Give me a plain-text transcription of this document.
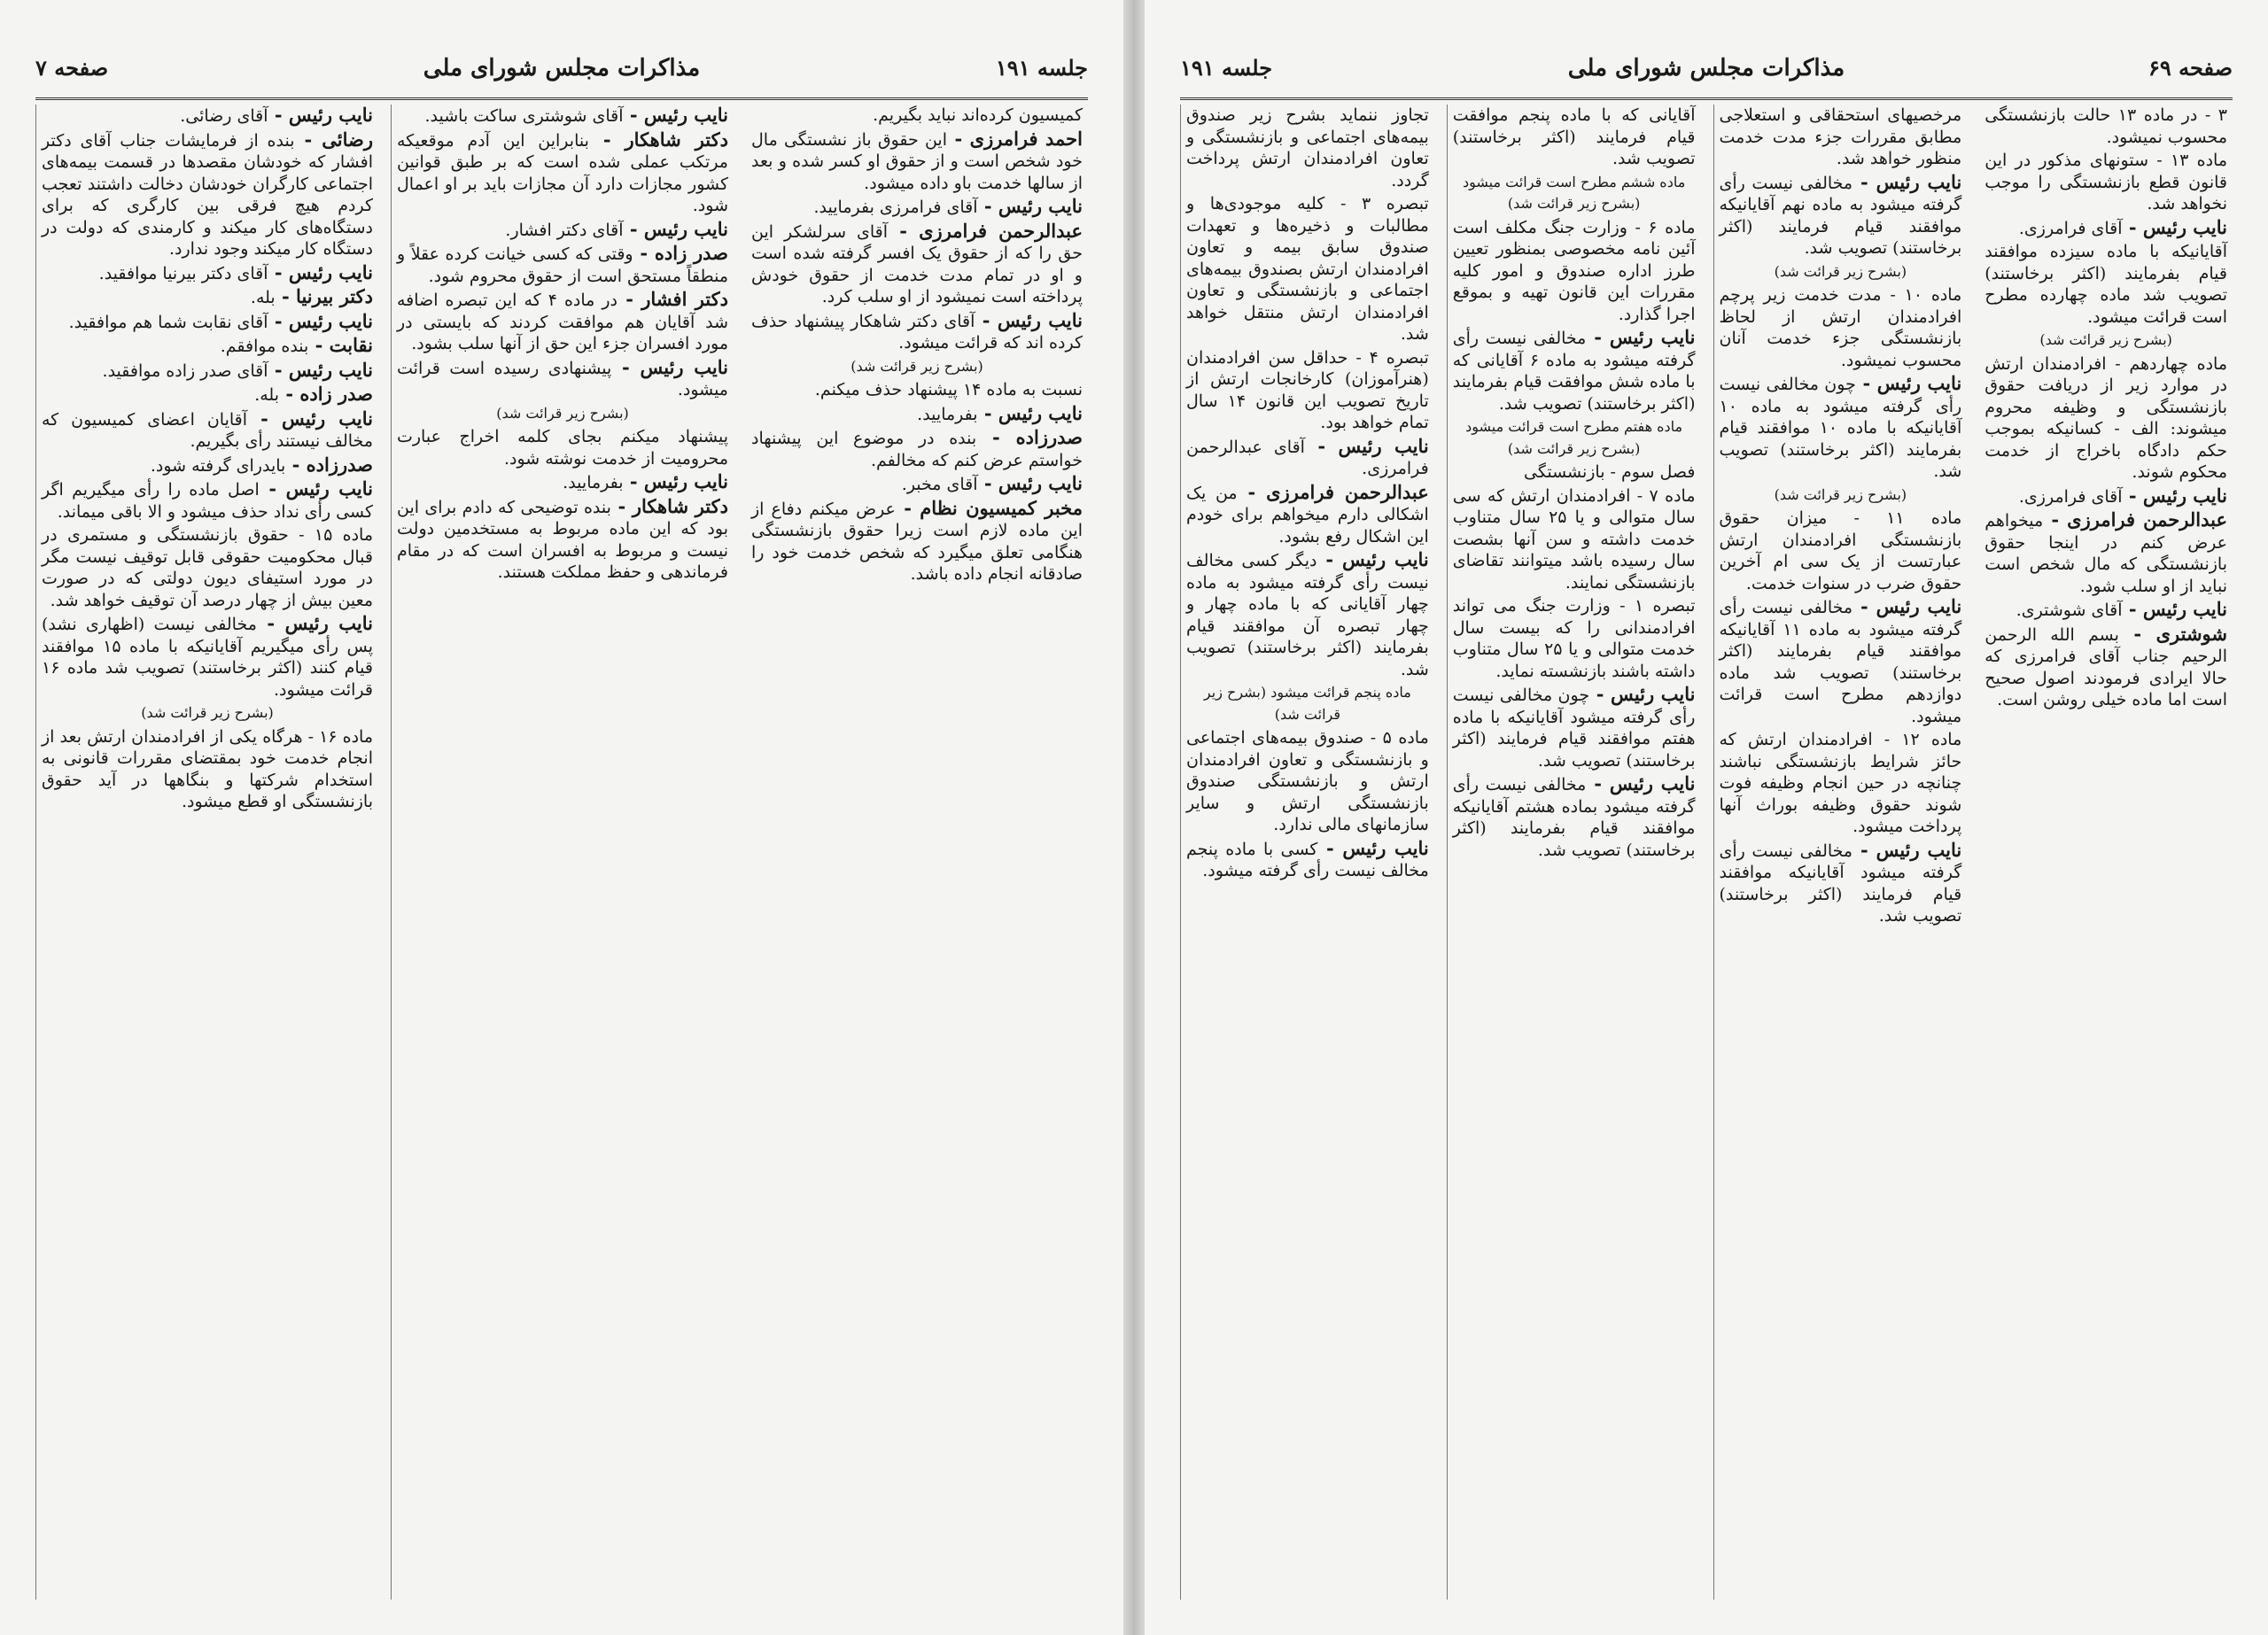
صفحه ۷	مذاکرات مجلس شورای ملی	جلسه ۱۹۱

نایب رئیس - آقای رضائی.

رضائی - بنده از فرمایشات جناب آقای دکتر افشار که خودشان مقصدها در قسمت بیمه‌های اجتماعی کارگران خودشان دخالت داشتند تعجب کردم هیچ فرقی بین کارگری که برای دستگاه‌های کار میکند و کارمندی که دولت در دستگاه کار میکند وجود ندارد.

نایب رئیس - آقای دکتر بیرنیا موافقید.

دکتر بیرنیا - بله.

نایب رئیس - آقای نقابت شما هم موافقید.

نقابت - بنده موافقم.

نایب رئیس - آقای صدر زاده موافقید.

صدر زاده - بله.

نایب رئیس - آقایان اعضای کمیسیون که مخالف نیستند رأی بگیریم.

صدرزاده - بایدرای گرفته شود.

نایب رئیس - اصل ماده را رأی میگیریم اگر کسی رأی نداد حذف میشود و الا باقی میماند.

ماده ۱۵ - حقوق بازنشستگی و مستمری در قبال محکومیت حقوقی قابل توقیف نیست مگر در مورد استیفای دیون دولتی که در صورت معین بیش از چهار درصد آن توقیف خواهد شد.

نایب رئیس - مخالفی نیست (اظهاری نشد) پس رأی میگیریم آقایانیکه با ماده ۱۵ موافقند قیام کنند (اکثر برخاستند) تصویب شد ماده ۱۶ قرائت میشود.

(بشرح زیر قرائت شد)

ماده ۱۶ - هرگاه یکی از افرادمندان ارتش بعد از انجام خدمت خود بمقتضای مقررات قانونی به استخدام شرکتها و بنگاهها در آید حقوق بازنشستگی او قطع میشود.

نایب رئیس - آقای شوشتری ساکت باشید.

دکتر شاهکار - بنابراین این آدم موقعیکه مرتکب عملی شده است که بر طبق قوانین کشور مجازات دارد آن مجازات باید بر او اعمال شود.

نایب رئیس - آقای دکتر افشار.

صدر زاده - وقتی که کسی خیانت کرده عقلاً و منطقاً مستحق است از حقوق محروم شود.

دکتر افشار - در ماده ۴ که این تبصره اضافه شد آقایان هم موافقت کردند که بایستی در مورد افسران جزء این حق از آنها سلب بشود.

نایب رئیس - پیشنهادی رسیده است قرائت میشود.

(بشرح زیر قرائت شد)

پیشنهاد میکنم بجای کلمه اخراج عبارت محرومیت از خدمت نوشته شود.

نایب رئیس - بفرمایید.

دکتر شاهکار - بنده توضیحی که دادم برای این بود که این ماده مربوط به مستخدمین دولت نیست و مربوط به افسران است که در مقام فرماندهی و حفظ مملکت هستند.

کمیسیون کرده‌اند نباید بگیریم.

احمد فرامرزی - این حقوق باز نشستگی مال خود شخص است و از حقوق او کسر شده و بعد از سالها خدمت باو داده میشود.

نایب رئیس - آقای فرامرزی بفرمایید.

عبدالرحمن فرامرزی - آقای سرلشکر این حق را که از حقوق یک افسر گرفته شده است و او در تمام مدت خدمت از حقوق خودش پرداخته است نمیشود از او سلب کرد.

نایب رئیس - آقای دکتر شاهکار پیشنهاد حذف کرده اند که قرائت میشود.

(بشرح زیر قرائت شد)

نسبت به ماده ۱۴ پیشنهاد حذف میکنم.

نایب رئیس - بفرمایید.

صدرزاده - بنده در موضوع این پیشنهاد خواستم عرض کنم که مخالفم.

نایب رئیس - آقای مخبر.

مخبر کمیسیون نظام - عرض میکنم دفاع از این ماده لازم است زیرا حقوق بازنشستگی هنگامی تعلق میگیرد که شخص خدمت خود را صادقانه انجام داده باشد.

صفحه ۶۹
مذاکرات مجلس شورای ملی
جلسه ۱۹۱

تجاوز ننماید بشرح زیر صندوق بیمه‌های اجتماعی و بازنشستگی و تعاون افرادمندان ارتش پرداخت گردد.

تبصره ۳ - کلیه موجودی‌ها و مطالبات و ذخیره‌ها و تعهدات صندوق سابق بیمه و تعاون افرادمندان ارتش بصندوق بیمه‌های اجتماعی و بازنشستگی و تعاون افرادمندان ارتش منتقل خواهد شد.

تبصره ۴ - حداقل سن افرادمندان (هنرآموزان) کارخانجات ارتش از تاریخ تصویب این قانون ۱۴ سال تمام خواهد بود.

نایب رئیس - آقای عبدالرحمن فرامرزی.

عبدالرحمن فرامرزی - من یک اشکالی دارم میخواهم برای خودم این اشکال رفع بشود.

نایب رئیس - دیگر کسی مخالف نیست رأی گرفته میشود به ماده چهار آقایانی که با ماده چهار و چهار تبصره آن موافقند قیام بفرمایند (اکثر برخاستند) تصویب شد.

ماده پنجم قرائت میشود (بشرح زیر قرائت شد)

ماده ۵ - صندوق بیمه‌های اجتماعی و بازنشستگی و تعاون افرادمندان ارتش و بازنشستگی صندوق بازنشستگی ارتش و سایر سازمانهای مالی ندارد.

نایب رئیس - کسی با ماده پنجم مخالف نیست رأی گرفته میشود.

آقایانی که با ماده پنجم موافقت قیام فرمایند (اکثر برخاستند) تصویب شد.

ماده ششم مطرح است قرائت میشود (بشرح زیر قرائت شد)

ماده ۶ - وزارت جنگ مکلف است آئین نامه مخصوصی بمنظور تعیین طرز اداره صندوق و امور کلیه مقررات این قانون تهیه و بموقع اجرا گذارد.

نایب رئیس - مخالفی نیست رأی گرفته میشود به ماده ۶ آقایانی که با ماده شش موافقت قیام بفرمایند (اکثر برخاستند) تصویب شد.

ماده هفتم مطرح است قرائت میشود (بشرح زیر قرائت شد)

فصل سوم - بازنشستگی

ماده ۷ - افرادمندان ارتش که سی سال متوالی و یا ۲۵ سال متناوب خدمت داشته و سن آنها بشصت سال رسیده باشد میتوانند تقاضای بازنشستگی نمایند.

تبصره ۱ - وزارت جنگ می تواند افرادمندانی را که بیست سال خدمت متوالی و یا ۲۵ سال متناوب داشته باشند بازنشسته نماید.

نایب رئیس - چون مخالفی نیست رأی گرفته میشود آقایانیکه با ماده هفتم موافقند قیام فرمایند (اکثر برخاستند) تصویب شد.

نایب رئیس - مخالفی نیست رأی گرفته میشود بماده هشتم آقایانیکه موافقند قیام بفرمایند (اکثر برخاستند) تصویب شد.

مرخصیهای استحقاقی و استعلاجی مطابق مقررات جزء مدت خدمت منظور خواهد شد.

نایب رئیس - مخالفی نیست رأی گرفته میشود به ماده نهم آقایانیکه موافقند قیام فرمایند (اکثر برخاستند) تصویب شد.

(بشرح زیر قرائت شد)

ماده ۱۰ - مدت خدمت زیر پرچم افرادمندان ارتش از لحاظ بازنشستگی جزء خدمت آنان محسوب نمیشود.

نایب رئیس - چون مخالفی نیست رأی گرفته میشود به ماده ۱۰ آقایانیکه با ماده ۱۰ موافقند قیام بفرمایند (اکثر برخاستند) تصویب شد.

(بشرح زیر قرائت شد)

ماده ۱۱ - میزان حقوق بازنشستگی افرادمندان ارتش عبارتست از یک سی ام آخرین حقوق ضرب در سنوات خدمت.

نایب رئیس - مخالفی نیست رأی گرفته میشود به ماده ۱۱ آقایانیکه موافقند قیام بفرمایند (اکثر برخاستند) تصویب شد ماده دوازدهم مطرح است قرائت میشود.

ماده ۱۲ - افرادمندان ارتش که حائز شرایط بازنشستگی نباشند چنانچه در حین انجام وظیفه فوت شوند حقوق وظیفه بوراث آنها پرداخت میشود.

نایب رئیس - مخالفی نیست رأی گرفته میشود آقایانیکه موافقند قیام فرمایند (اکثر برخاستند) تصویب شد.

۳ - در ماده ۱۳ حالت بازنشستگی محسوب نمیشود.

ماده ۱۳ - ستونهای مذکور در این قانون قطع بازنشستگی را موجب نخواهد شد.

نایب رئیس - آقای فرامرزی.

آقایانیکه با ماده سیزده موافقند قیام بفرمایند (اکثر برخاستند) تصویب شد ماده چهارده مطرح است قرائت میشود.

(بشرح زیر قرائت شد)

ماده چهاردهم - افرادمندان ارتش در موارد زیر از دریافت حقوق بازنشستگی و وظیفه محروم میشوند: الف - کسانیکه بموجب حکم دادگاه باخراج از خدمت محکوم شوند.

نایب رئیس - آقای فرامرزی.

عبدالرحمن فرامرزی - میخواهم عرض کنم در اینجا حقوق بازنشستگی که مال شخص است نباید از او سلب شود.

نایب رئیس - آقای شوشتری.

شوشتری - بسم الله الرحمن الرحیم جناب آقای فرامرزی که حالا ایرادی فرمودند اصول صحیح است اما ماده خیلی روشن است.
